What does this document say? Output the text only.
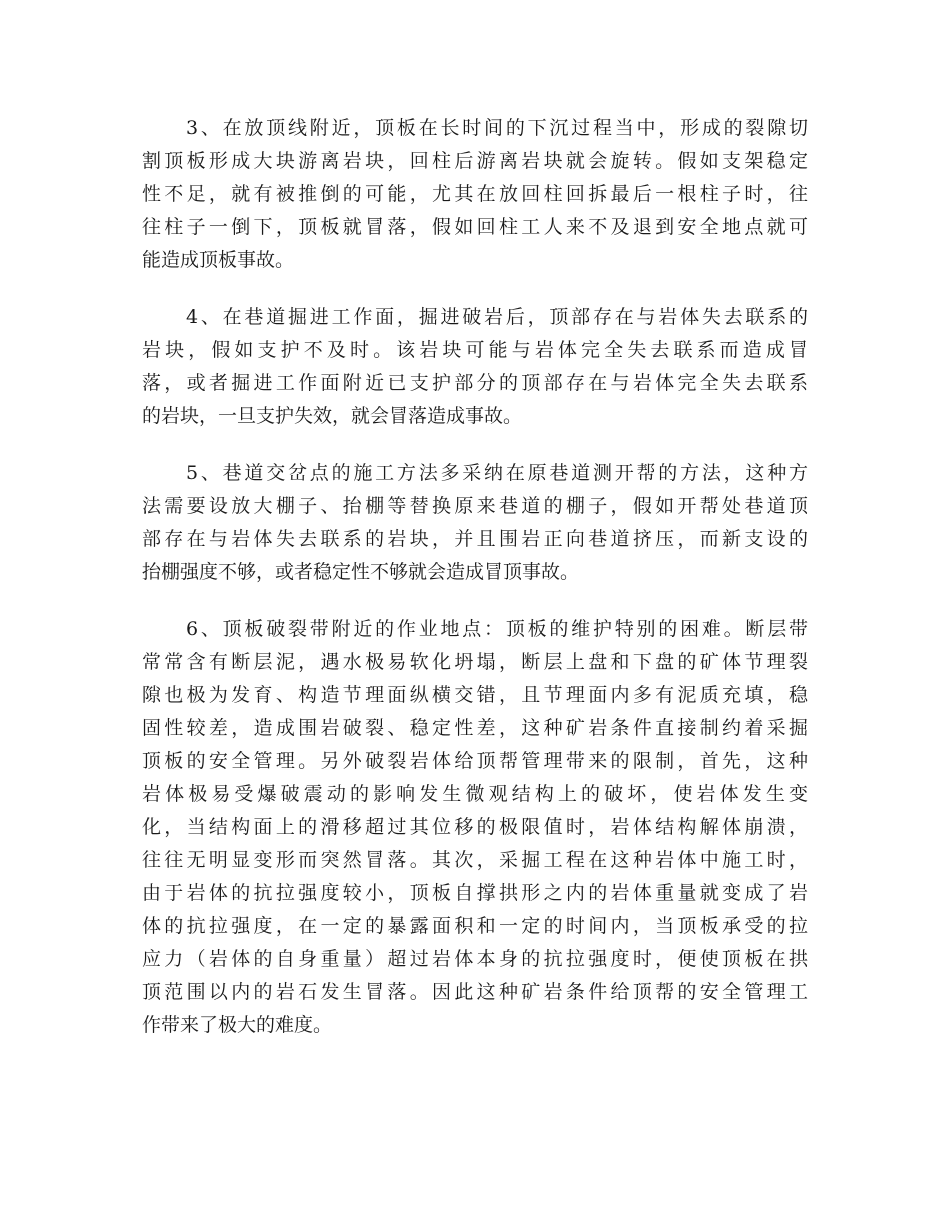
3、在放顶线附近，顶板在长时间的下沉过程当中，形成的裂隙切
割顶板形成大块游离岩块，回柱后游离岩块就会旋转。假如支架稳定
性不足，就有被推倒的可能，尤其在放回柱回拆最后一根柱子时，往
往柱子一倒下，顶板就冒落，假如回柱工人来不及退到安全地点就可
能造成顶板事故。
4、在巷道掘进工作面，掘进破岩后，顶部存在与岩体失去联系的
岩块，假如支护不及时。该岩块可能与岩体完全失去联系而造成冒
落，或者掘进工作面附近已支护部分的顶部存在与岩体完全失去联系
的岩块，一旦支护失效，就会冒落造成事故。
5、巷道交岔点的施工方法多采纳在原巷道测开帮的方法，这种方
法需要设放大棚子、抬棚等替换原来巷道的棚子，假如开帮处巷道顶
部存在与岩体失去联系的岩块，并且围岩正向巷道挤压，而新支设的
抬棚强度不够，或者稳定性不够就会造成冒顶事故。
6、顶板破裂带附近的作业地点：顶板的维护特别的困难。断层带
常常含有断层泥，遇水极易软化坍塌，断层上盘和下盘的矿体节理裂
隙也极为发育、构造节理面纵横交错，且节理面内多有泥质充填，稳
固性较差，造成围岩破裂、稳定性差，这种矿岩条件直接制约着采掘
顶板的安全管理。另外破裂岩体给顶帮管理带来的限制，首先，这种
岩体极易受爆破震动的影响发生微观结构上的破坏，使岩体发生变
化，当结构面上的滑移超过其位移的极限值时，岩体结构解体崩溃，
往往无明显变形而突然冒落。其次，采掘工程在这种岩体中施工时，
由于岩体的抗拉强度较小，顶板自撑拱形之内的岩体重量就变成了岩
体的抗拉强度，在一定的暴露面积和一定的时间内，当顶板承受的拉
应力（岩体的自身重量）超过岩体本身的抗拉强度时，便使顶板在拱
顶范围以内的岩石发生冒落。因此这种矿岩条件给顶帮的安全管理工
作带来了极大的难度。
